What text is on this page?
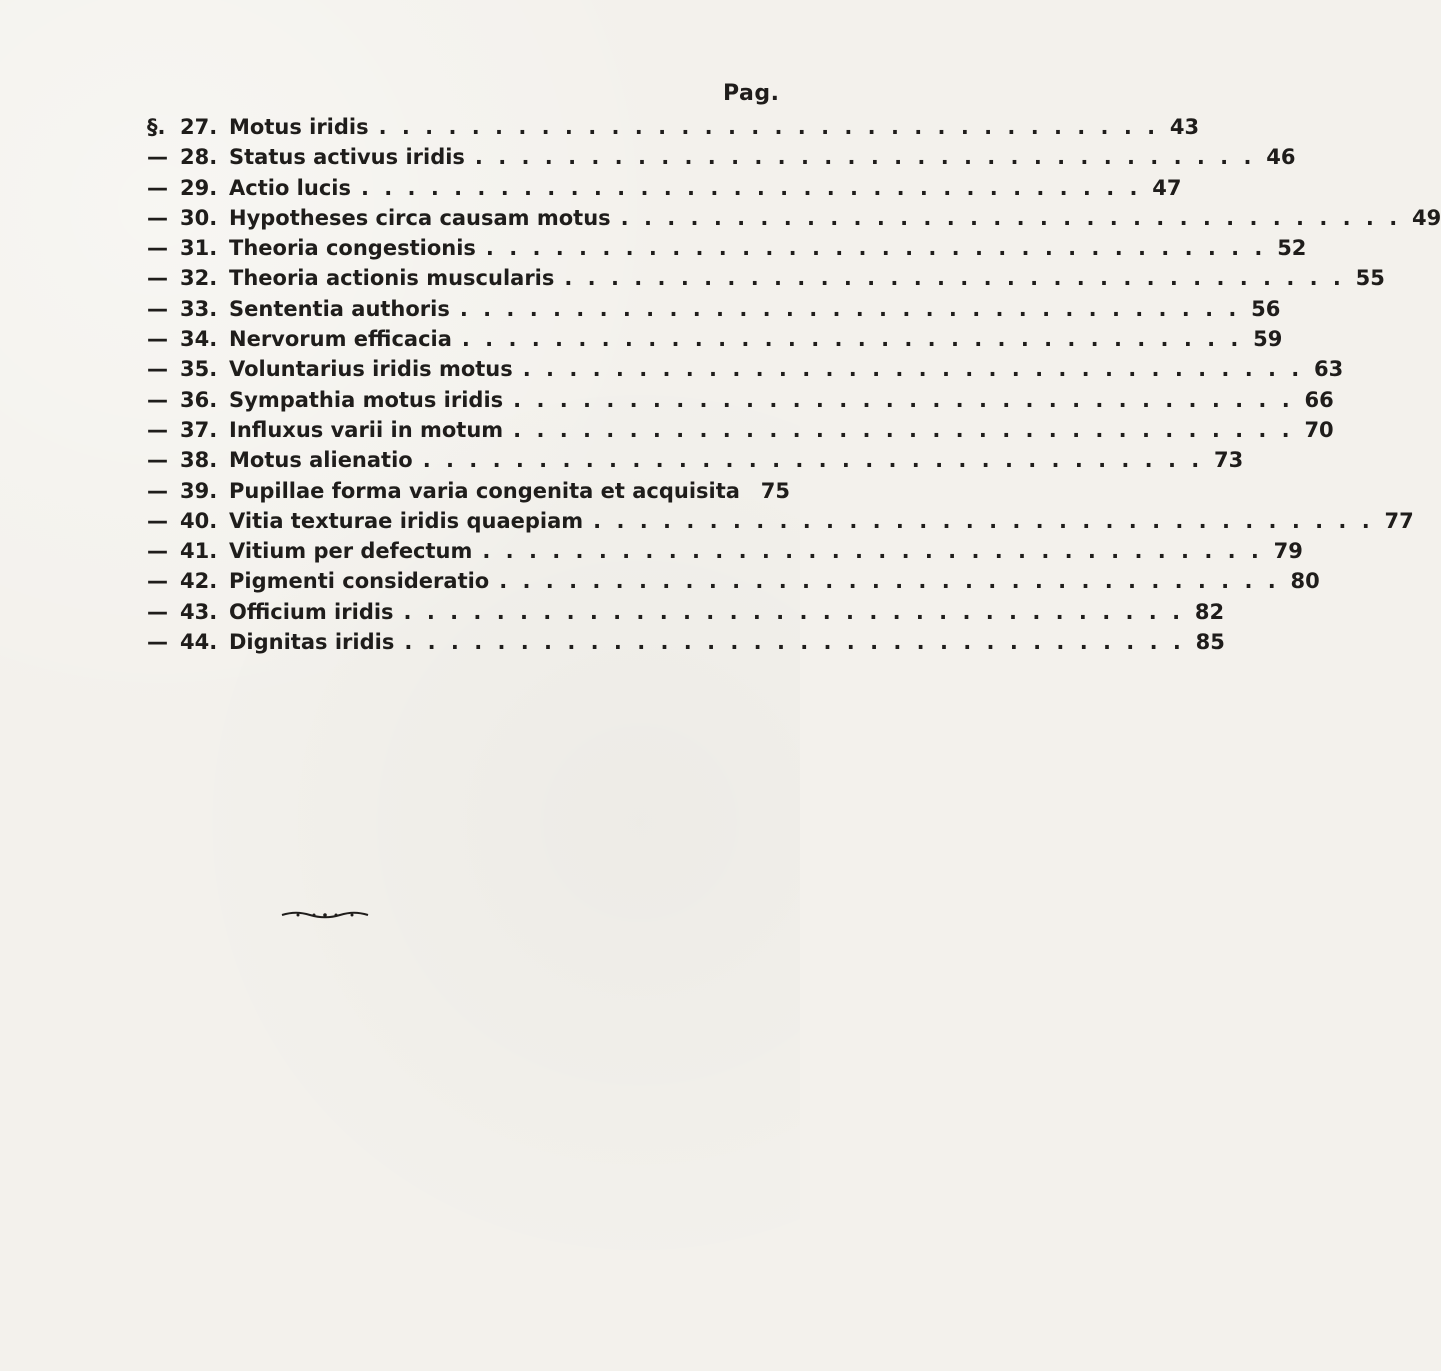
Pag.
§. 27. Motus iridis . . . . . . . . . . . . . . . . . . . . . . . . . . . . . . . . . . 43
— 28. Status activus iridis . . . . . . . . . . . . . . . . . . . . . . . . . . . . . . . . . . 46
— 29. Actio lucis . . . . . . . . . . . . . . . . . . . . . . . . . . . . . . . . . . 47
— 30. Hypotheses circa causam motus . . . . . . . . . . . . . . . . . . . . . . . . . . . . . . . . . . 49
— 31. Theoria congestionis . . . . . . . . . . . . . . . . . . . . . . . . . . . . . . . . . . 52
— 32. Theoria actionis muscularis . . . . . . . . . . . . . . . . . . . . . . . . . . . . . . . . . . 55
— 33. Sententia authoris . . . . . . . . . . . . . . . . . . . . . . . . . . . . . . . . . . 56
— 34. Nervorum efficacia . . . . . . . . . . . . . . . . . . . . . . . . . . . . . . . . . . 59
— 35. Voluntarius iridis motus . . . . . . . . . . . . . . . . . . . . . . . . . . . . . . . . . . 63
— 36. Sympathia motus iridis . . . . . . . . . . . . . . . . . . . . . . . . . . . . . . . . . . 66
— 37. Influxus varii in motum . . . . . . . . . . . . . . . . . . . . . . . . . . . . . . . . . . 70
— 38. Motus alienatio . . . . . . . . . . . . . . . . . . . . . . . . . . . . . . . . . . 73
— 39. Pupillae forma varia congenita et acquisita 75
— 40. Vitia texturae iridis quaepiam . . . . . . . . . . . . . . . . . . . . . . . . . . . . . . . . . . 77
— 41. Vitium per defectum . . . . . . . . . . . . . . . . . . . . . . . . . . . . . . . . . . 79
— 42. Pigmenti consideratio . . . . . . . . . . . . . . . . . . . . . . . . . . . . . . . . . . 80
— 43. Officium iridis . . . . . . . . . . . . . . . . . . . . . . . . . . . . . . . . . . 82
— 44. Dignitas iridis . . . . . . . . . . . . . . . . . . . . . . . . . . . . . . . . . . 85
